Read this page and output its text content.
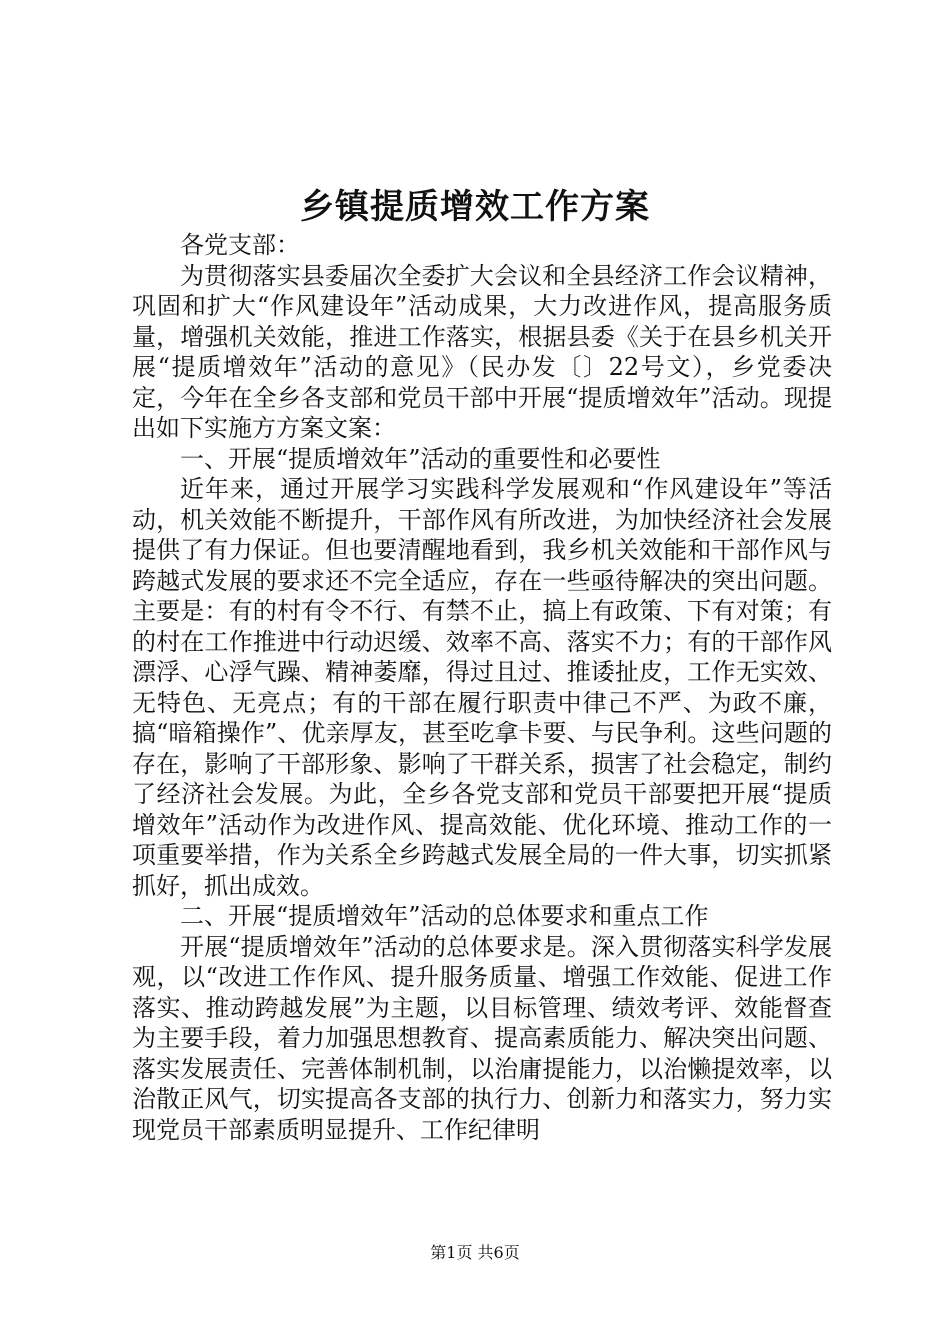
乡镇提质增效工作方案

各党支部：

为贯彻落实县委届次全委扩大会议和全县经济工作会议精神，巩固和扩大“作风建设年”活动成果，大力改进作风，提高服务质量，增强机关效能，推进工作落实，根据县委《关于在县乡机关开展“提质增效年”活动的意见》（民办发〔〕22号文），乡党委决定，今年在全乡各支部和党员干部中开展“提质增效年”活动。现提出如下实施方方案文案：

一、开展“提质增效年”活动的重要性和必要性

近年来，通过开展学习实践科学发展观和“作风建设年”等活动，机关效能不断提升，干部作风有所改进，为加快经济社会发展提供了有力保证。但也要清醒地看到，我乡机关效能和干部作风与跨越式发展的要求还不完全适应，存在一些亟待解决的突出问题。主要是：有的村有令不行、有禁不止，搞上有政策、下有对策；有的村在工作推进中行动迟缓、效率不高、落实不力；有的干部作风漂浮、心浮气躁、精神萎靡，得过且过、推诿扯皮，工作无实效、无特色、无亮点；有的干部在履行职责中律己不严、为政不廉，搞“暗箱操作”、优亲厚友，甚至吃拿卡要、与民争利。这些问题的存在，影响了干部形象、影响了干群关系，损害了社会稳定，制约了经济社会发展。为此，全乡各党支部和党员干部要把开展“提质增效年”活动作为改进作风、提高效能、优化环境、推动工作的一项重要举措，作为关系全乡跨越式发展全局的一件大事，切实抓紧抓好，抓出成效。

二、开展“提质增效年”活动的总体要求和重点工作

开展“提质增效年”活动的总体要求是。深入贯彻落实科学发展观，以“改进工作作风、提升服务质量、增强工作效能、促进工作落实、推动跨越发展”为主题，以目标管理、绩效考评、效能督查为主要手段，着力加强思想教育、提高素质能力、解决突出问题、落实发展责任、完善体制机制，以治庸提能力，以治懒提效率，以治散正风气，切实提高各支部的执行力、创新力和落实力，努力实现党员干部素质明显提升、工作纪律明

第1页 共6页
